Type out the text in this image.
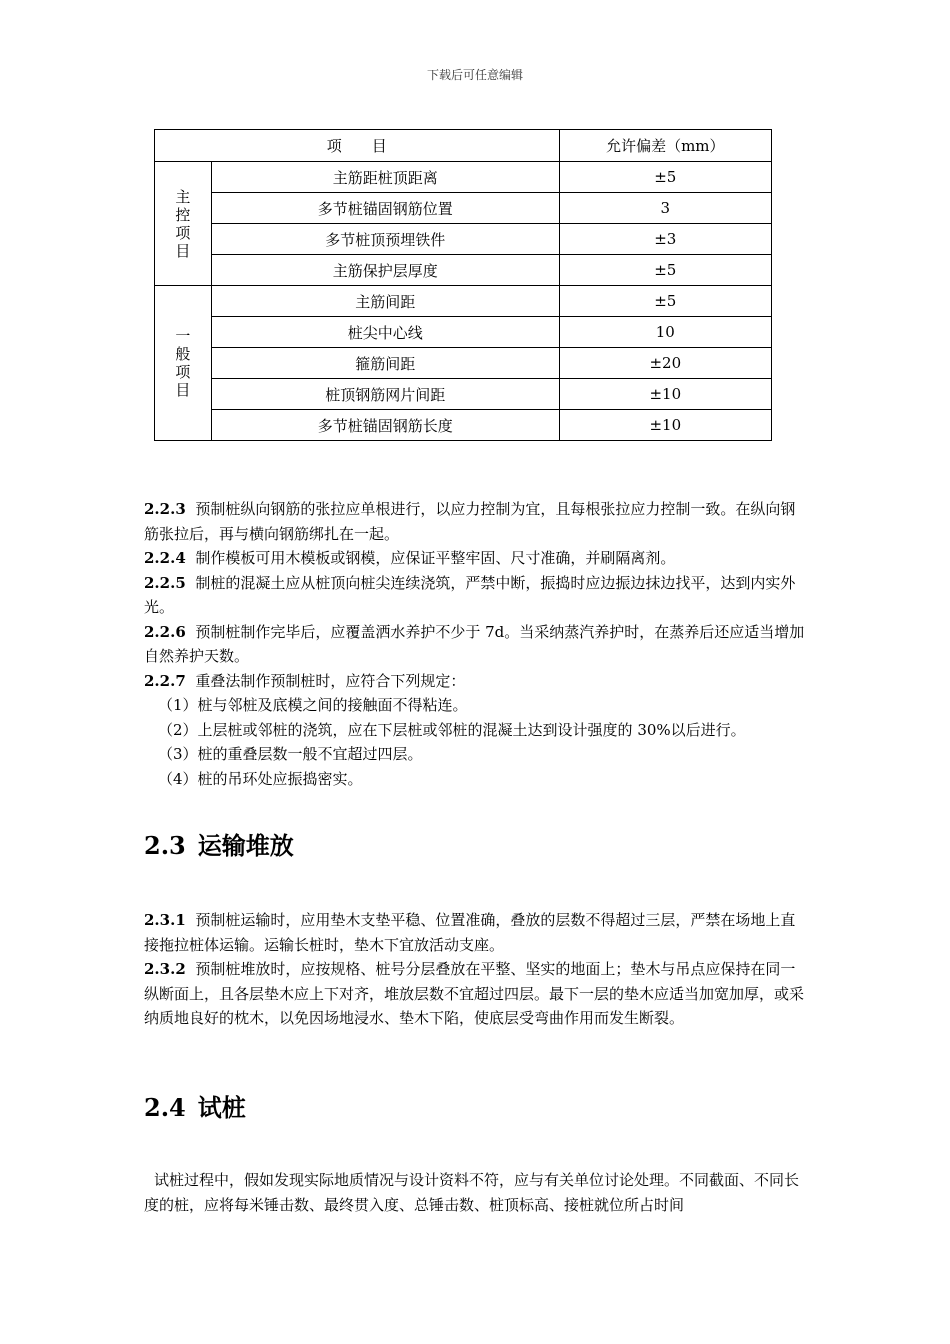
下载后可任意编辑
项　　目		允许偏差（mm）
主控项目	主筋距桩顶距离	±5
	多节桩锚固钢筋位置	3
	多节桩顶预埋铁件	±3
	主筋保护层厚度	±5
一般项目	主筋间距	±5
	桩尖中心线	10
	箍筋间距	±20
	桩顶钢筋网片间距	±10
	多节桩锚固钢筋长度	±10

2.2.3 预制桩纵向钢筋的张拉应单根进行，以应力控制为宜，且每根张拉应力控制一致。在纵向钢筋张拉后，再与横向钢筋绑扎在一起。

2.2.4 制作模板可用木模板或钢模，应保证平整牢固、尺寸准确，并刷隔离剂。

2.2.5 制桩的混凝土应从桩顶向桩尖连续浇筑，严禁中断，振捣时应边振边抹边找平，达到内实外光。

2.2.6 预制桩制作完毕后，应覆盖洒水养护不少于 7d。当采纳蒸汽养护时，在蒸养后还应适当增加自然养护天数。

2.2.7 重叠法制作预制桩时，应符合下列规定：

（1）桩与邻桩及底模之间的接触面不得粘连。

（2）上层桩或邻桩的浇筑，应在下层桩或邻桩的混凝土达到设计强度的 30%以后进行。

（3）桩的重叠层数一般不宜超过四层。

（4）桩的吊环处应振捣密实。

2.3 运输堆放

2.3.1 预制桩运输时，应用垫木支垫平稳、位置准确，叠放的层数不得超过三层，严禁在场地上直接拖拉桩体运输。运输长桩时，垫木下宜放活动支座。

2.3.2 预制桩堆放时，应按规格、桩号分层叠放在平整、坚实的地面上；垫木与吊点应保持在同一纵断面上，且各层垫木应上下对齐，堆放层数不宜超过四层。最下一层的垫木应适当加宽加厚，或采纳质地良好的枕木，以免因场地浸水、垫木下陷，使底层受弯曲作用而发生断裂。

2.4 试桩

试桩过程中，假如发现实际地质情况与设计资料不符，应与有关单位讨论处理。不同截面、不同长度的桩，应将每米锤击数、最终贯入度、总锤击数、桩顶标高、接桩就位所占时间
